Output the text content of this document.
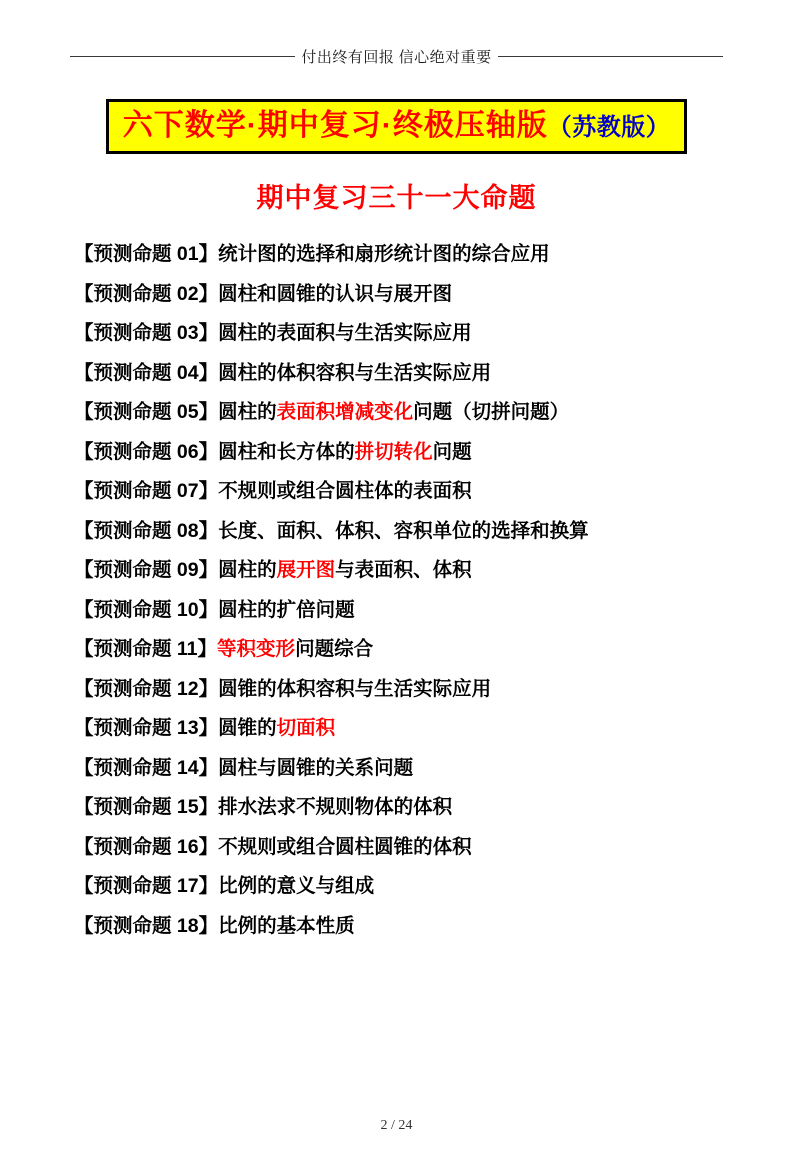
付出终有回报 信心绝对重要
六下数学·期中复习·终极压轴版（苏教版）
期中复习三十一大命题
【预测命题 01】统计图的选择和扇形统计图的综合应用
【预测命题 02】圆柱和圆锥的认识与展开图
【预测命题 03】圆柱的表面积与生活实际应用
【预测命题 04】圆柱的体积容积与生活实际应用
【预测命题 05】圆柱的表面积增减变化问题（切拼问题）
【预测命题 06】圆柱和长方体的拼切转化问题
【预测命题 07】不规则或组合圆柱体的表面积
【预测命题 08】长度、面积、体积、容积单位的选择和换算
【预测命题 09】圆柱的展开图与表面积、体积
【预测命题 10】圆柱的扩倍问题
【预测命题 11】等积变形问题综合
【预测命题 12】圆锥的体积容积与生活实际应用
【预测命题 13】圆锥的切面积
【预测命题 14】圆柱与圆锥的关系问题
【预测命题 15】排水法求不规则物体的体积
【预测命题 16】不规则或组合圆柱圆锥的体积
【预测命题 17】比例的意义与组成
【预测命题 18】比例的基本性质
2 / 24
